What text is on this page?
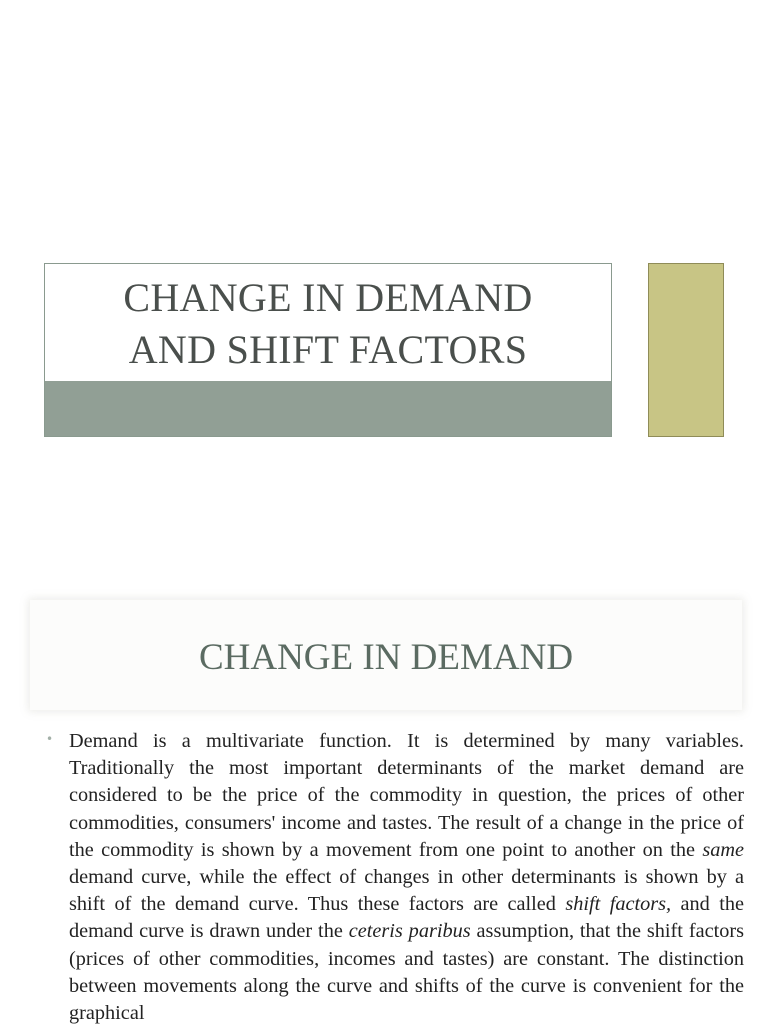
CHANGE IN DEMAND
AND SHIFT FACTORS
CHANGE IN DEMAND
• Demand is a multivariate function. It is determined by many variables. Traditionally the most important determinants of the market demand are considered to be the price of the commodity in question, the prices of other commodities, consumers' income and tastes. The result of a change in the price of the commodity is shown by a movement from one point to another on the same demand curve, while the effect of changes in other determinants is shown by a shift of the demand curve. Thus these factors are called shift factors, and the demand curve is drawn under the ceteris paribus assumption, that the shift factors (prices of other commodities, incomes and tastes) are constant. The distinction between movements along the curve and shifts of the curve is convenient for the graphical
